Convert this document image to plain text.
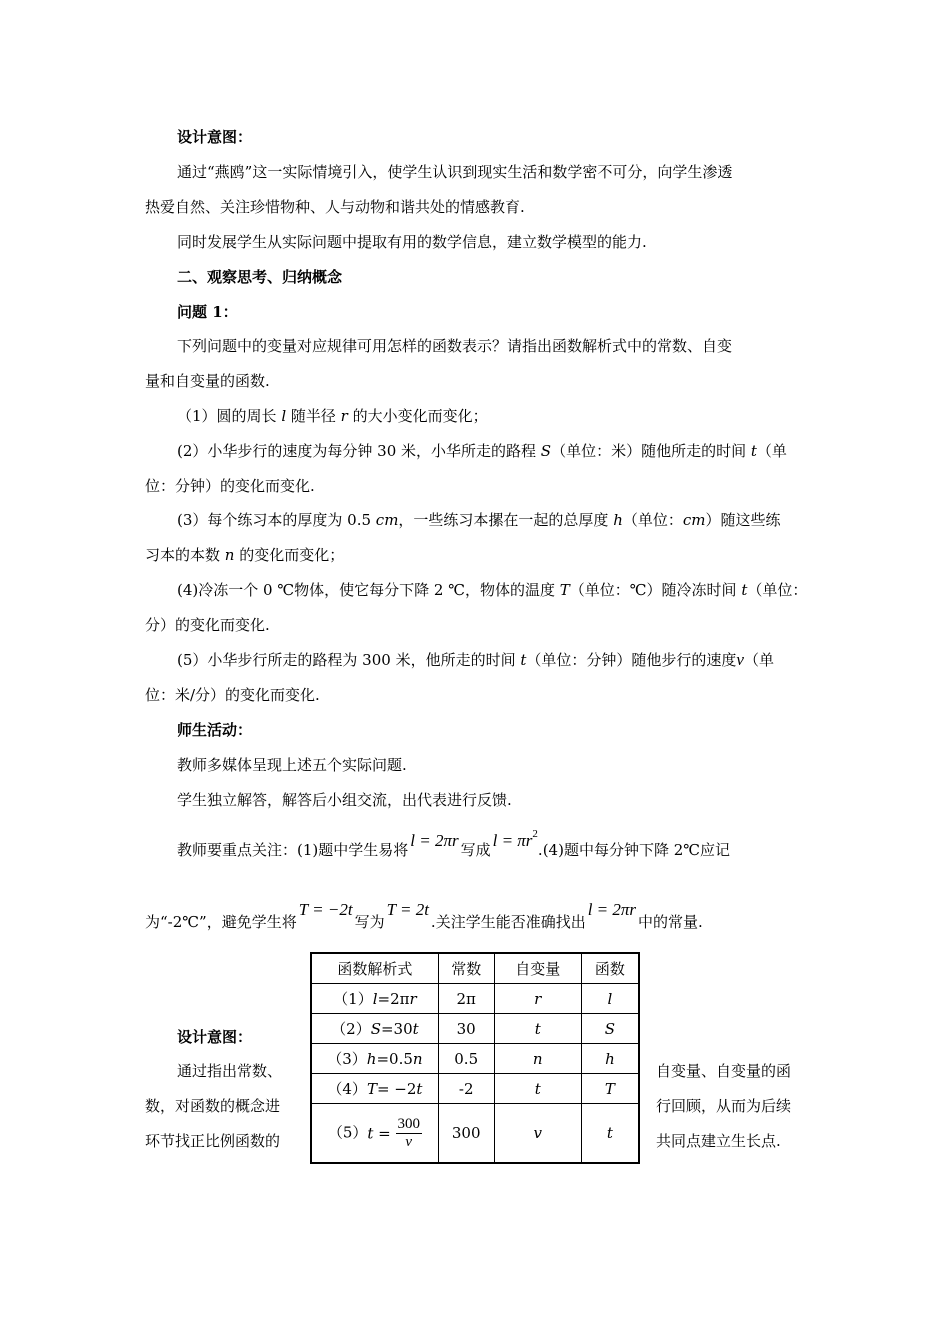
设计意图：
通过“燕鸥”这一实际情境引入，使学生认识到现实生活和数学密不可分，向学生渗透
热爱自然、关注珍惜物种、人与动物和谐共处的情感教育.
同时发展学生从实际问题中提取有用的数学信息，建立数学模型的能力.
二、观察思考、归纳概念
问题 1：
下列问题中的变量对应规律可用怎样的函数表示？请指出函数解析式中的常数、自变
量和自变量的函数.
（1）圆的周长 l 随半径 r 的大小变化而变化；
(2）小华步行的速度为每分钟 30 米，小华所走的路程 S（单位：米）随他所走的时间 t（单
位：分钟）的变化而变化.
(3）每个练习本的厚度为 0.5 cm，一些练习本摞在一起的总厚度 h（单位：cm）随这些练
习本的本数 n 的变化而变化；
(4)冷冻一个 0 ℃物体，使它每分下降 2 ℃，物体的温度 T（单位：℃）随冷冻时间 t（单位：
分）的变化而变化.
(5）小华步行所走的路程为 300 米，他所走的时间 t（单位：分钟）随他步行的速度v（单
位：米/分）的变化而变化.
师生活动：
教师多媒体呈现上述五个实际问题.
学生独立解答，解答后小组交流，出代表进行反馈.
教师要重点关注：(1)题中学生易将 l = 2πr 写成 $l = \pi r^2.(4)$题中每分钟下降 2℃应记
为“-2℃”，避免学生将T = −2t写为T = 2t.关注学生能否准确找出l = 2πr中的常量.
设计意图：
通过指出常数、	自变量、自变量的函
数，对函数的概念进	行回顾，从而为后续
环节找正比例函数的	共同点建立生长点.
函数解析式	常数	自变量	函数
（1）l=2πr	2π	r	l
（2）S=30t	30	t	S
（3）h=0.5n	0.5	n	h
（4）T= −2t	-2	t	T
$(5)t = \frac{300}{v}$	300	v	t
